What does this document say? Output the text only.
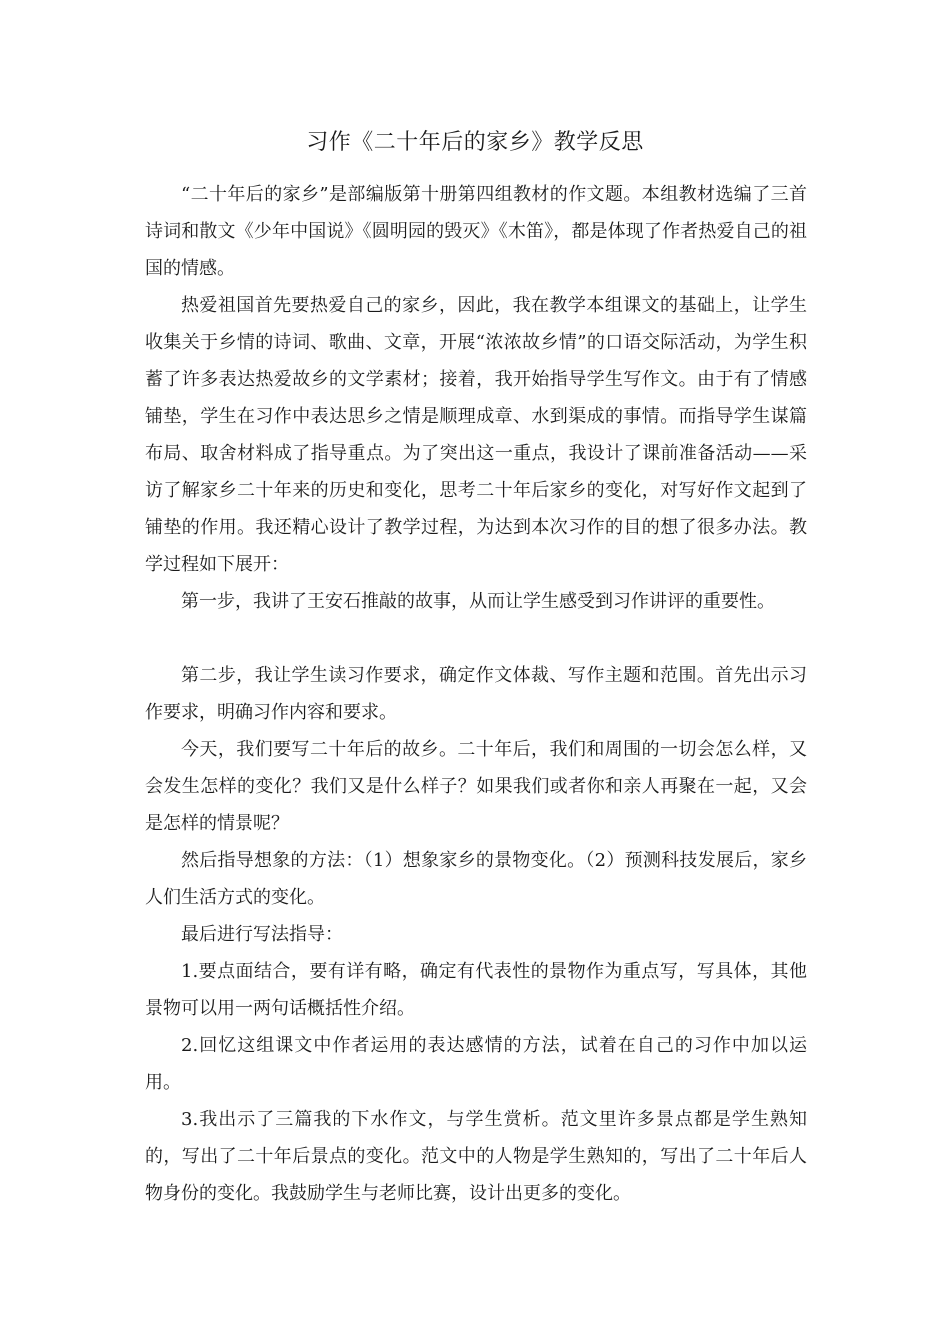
习作《二十年后的家乡》教学反思

“二十年后的家乡”是部编版第十册第四组教材的作文题。本组教材选编了三首诗词和散文《少年中国说》《圆明园的毁灭》《木笛》，都是体现了作者热爱自己的祖国的情感。

热爱祖国首先要热爱自己的家乡，因此，我在教学本组课文的基础上，让学生收集关于乡情的诗词、歌曲、文章，开展“浓浓故乡情”的口语交际活动，为学生积蓄了许多表达热爱故乡的文学素材；接着，我开始指导学生写作文。由于有了情感铺垫，学生在习作中表达思乡之情是顺理成章、水到渠成的事情。而指导学生谋篇布局、取舍材料成了指导重点。为了突出这一重点，我设计了课前准备活动——采访了解家乡二十年来的历史和变化，思考二十年后家乡的变化，对写好作文起到了铺垫的作用。我还精心设计了教学过程，为达到本次习作的目的想了很多办法。教学过程如下展开：

第一步，我讲了王安石推敲的故事，从而让学生感受到习作讲评的重要性。

第二步，我让学生读习作要求，确定作文体裁、写作主题和范围。首先出示习作要求，明确习作内容和要求。

今天，我们要写二十年后的故乡。二十年后，我们和周围的一切会怎么样，又会发生怎样的变化？我们又是什么样子？如果我们或者你和亲人再聚在一起，又会是怎样的情景呢？

然后指导想象的方法：（1）想象家乡的景物变化。（2）预测科技发展后，家乡人们生活方式的变化。

最后进行写法指导：

1.要点面结合，要有详有略，确定有代表性的景物作为重点写，写具体，其他景物可以用一两句话概括性介绍。

2.回忆这组课文中作者运用的表达感情的方法，试着在自己的习作中加以运用。

3.我出示了三篇我的下水作文，与学生赏析。范文里许多景点都是学生熟知的，写出了二十年后景点的变化。范文中的人物是学生熟知的，写出了二十年后人物身份的变化。我鼓励学生与老师比赛，设计出更多的变化。
